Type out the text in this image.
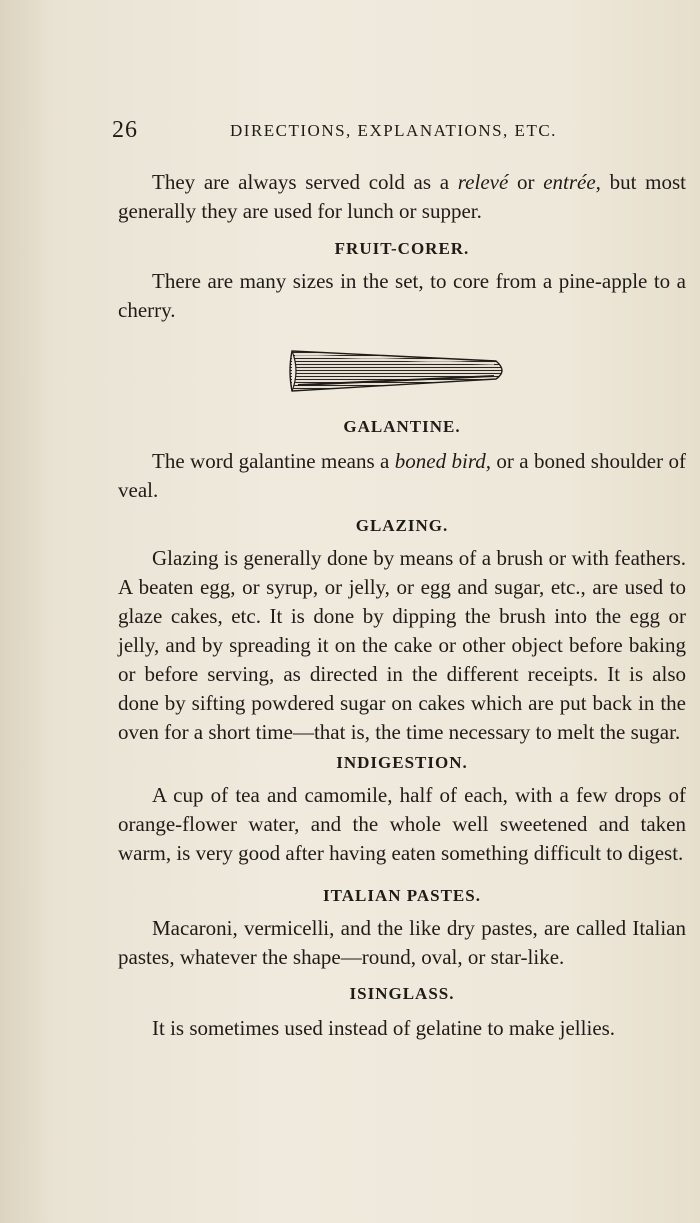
26	DIRECTIONS, EXPLANATIONS, ETC.

They are always served cold as a relevé or entrée, but most generally they are used for lunch or supper.

FRUIT-CORER.

There are many sizes in the set, to core from a pine-apple to a cherry.

GALANTINE.

The word galantine means a boned bird, or a boned shoulder of veal.

GLAZING.

Glazing is generally done by means of a brush or with feathers. A beaten egg, or syrup, or jelly, or egg and sugar, etc., are used to glaze cakes, etc. It is done by dipping the brush into the egg or jelly, and by spreading it on the cake or other object before baking or before serving, as directed in the different receipts. It is also done by sifting powdered sugar on cakes which are put back in the oven for a short time—that is, the time necessary to melt the sugar.

INDIGESTION.

A cup of tea and camomile, half of each, with a few drops of orange-flower water, and the whole well sweetened and taken warm, is very good after having eaten something difficult to digest.

ITALIAN PASTES.

Macaroni, vermicelli, and the like dry pastes, are called Italian pastes, whatever the shape—round, oval, or star-like.

ISINGLASS.

It is sometimes used instead of gelatine to make jellies.
